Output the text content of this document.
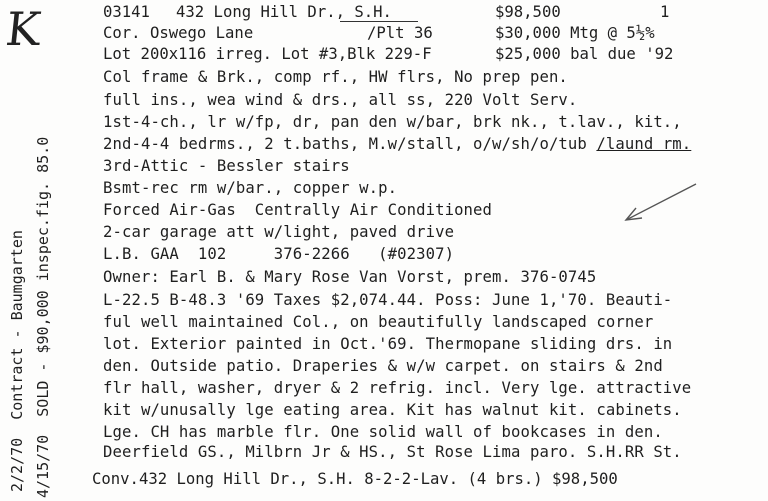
K
2/2/70  Contract - Baumgarten 4/15/70  SOLD - $90,000 inspec.fig. 85.0
03141 432 Long Hill Dr., S.H.	$98,500	1
Cor. Oswego Lane	/Plt 36	$30,000 Mtg @ 5½%
Lot 200x116 irreg. Lot #3,Blk 229-F	$25,000 bal due '92
Col frame & Brk., comp rf., HW flrs, No prep pen.
full ins., wea wind & drs., all ss, 220 Volt Serv.
1st-4-ch., lr w/fp, dr, pan den w/bar, brk nk., t.lav., kit.,
2nd-4-4 bedrms., 2 t.baths, M.w/stall, o/w/sh/o/tub /laund rm.
3rd-Attic - Bessler stairs
Bsmt-rec rm w/bar., copper w.p.
Forced Air-Gas  Centrally Air Conditioned
2-car garage att w/light, paved drive
L.B. GAA  102     376-2266   (#02307)
Owner: Earl B. & Mary Rose Van Vorst, prem. 376-0745
L-22.5 B-48.3 '69 Taxes $2,074.44. Poss: June 1,'70. Beauti-
ful well maintained Col., on beautifully landscaped corner
lot. Exterior painted in Oct.'69. Thermopane sliding drs. in
den. Outside patio. Draperies & w/w carpet. on stairs & 2nd
flr hall, washer, dryer & 2 refrig. incl. Very lge. attractive
kit w/unusally lge eating area. Kit has walnut kit. cabinets.
Lge. CH has marble flr. One solid wall of bookcases in den.
Deerfield GS., Milbrn Jr & HS., St Rose Lima paro. S.H.RR St.
Conv.432 Long Hill Dr., S.H. 8-2-2-Lav. (4 brs.) $98,500
